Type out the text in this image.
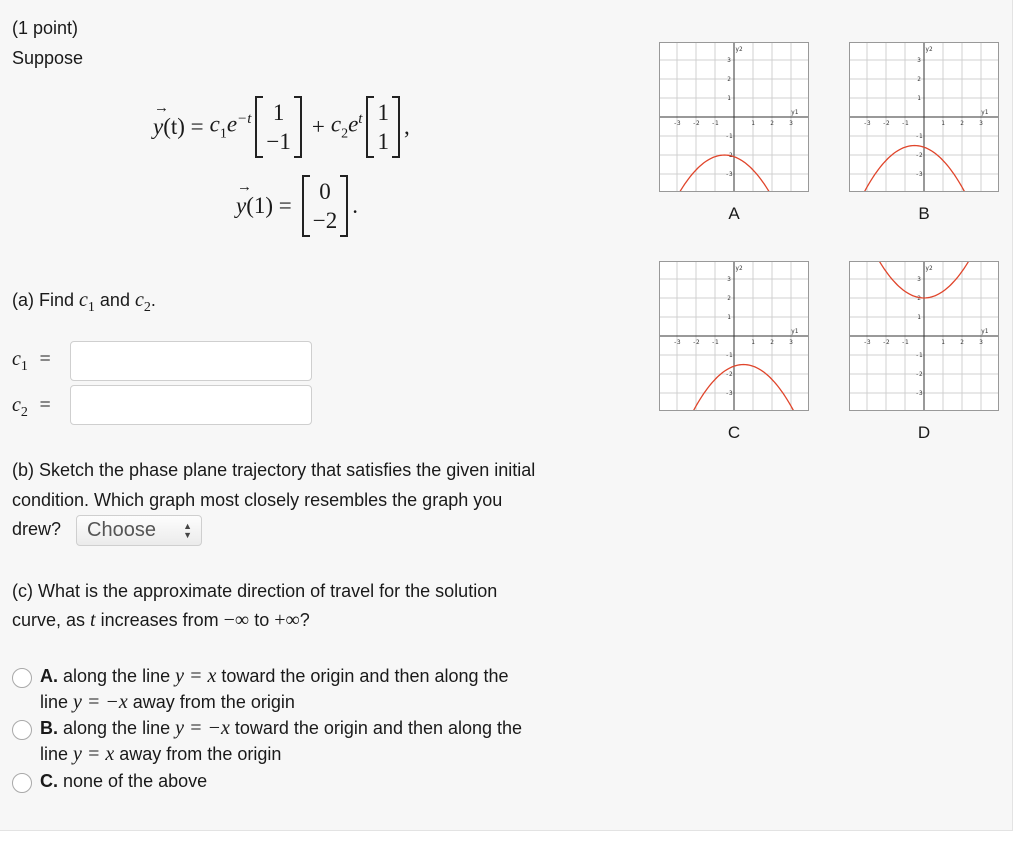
(1 point)
Suppose
→
y $(t) = c_1e^{-t}$ 1
−1
+ $c_2e^t$ 1
1
,
→
y (1) =
0
−2
.
(a) Find $c_1$ and $c_2$.
$c_1$ =
$c_2$ =
(b) Sketch the phase plane trajectory that satisfies the given initial
condition. Which graph most closely resembles the graph you
drew? Choose	▲
▼
(c) What is the approximate direction of travel for the solution
curve, as t increases from −∞ to +∞?
A. along the line y = x toward the origin and then along the
line y = −x away from the origin
B. along the line y = −x toward the origin and then along the
line y = x away from the origin
C. none of the above
1	2	3
-3 -2 -1
3
2
1
-1
-2
-3
y1
y2
A
1	2	3
-3 -2 -1
3
2
1
-1
-2
-3
y1
y2
B
1	2	3
-3 -2 -1
3
2
1
-1
-2
-3
y1
y2
C
1	2	3
-3 -2 -1
3
2
1
-1
-2
-3
y1
y2
D
